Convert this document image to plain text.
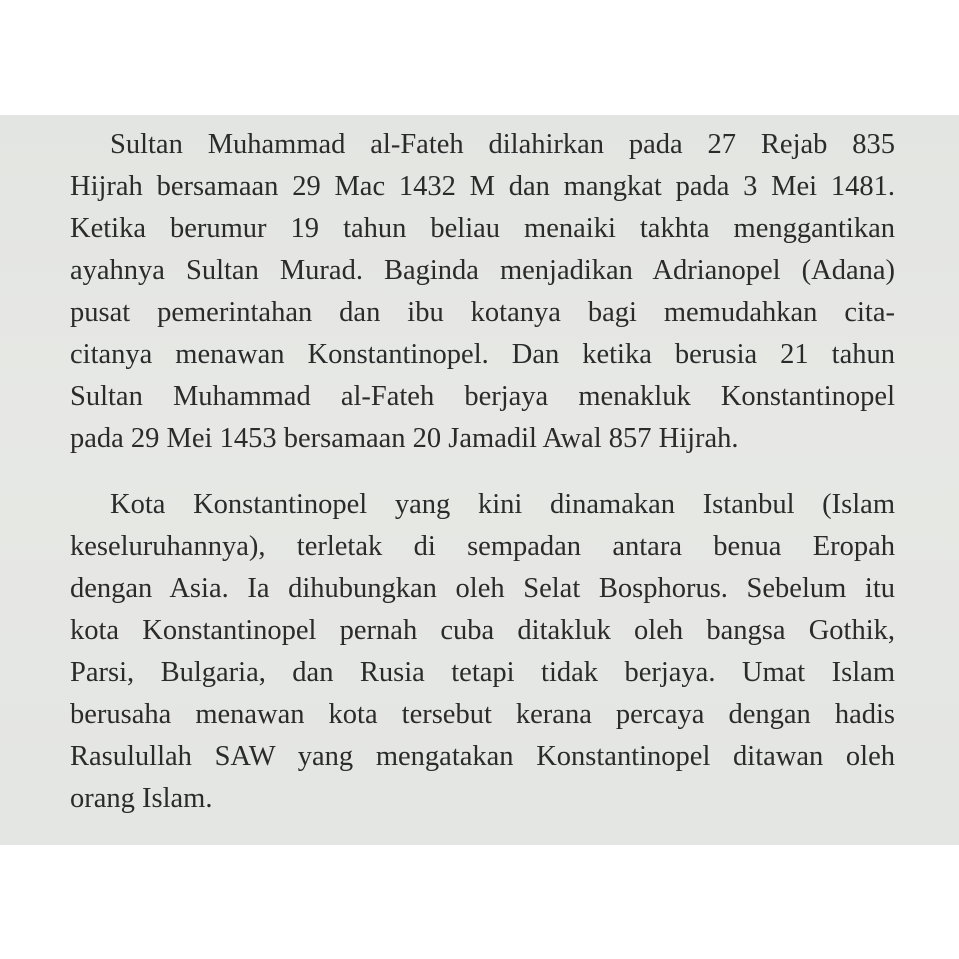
Sultan Muhammad al-Fateh dilahirkan pada 27 Rejab 835
Hijrah bersamaan 29 Mac 1432 M dan mangkat pada 3 Mei 1481.
Ketika berumur 19 tahun beliau menaiki takhta menggantikan
ayahnya Sultan Murad. Baginda menjadikan Adrianopel (Adana)
pusat pemerintahan dan ibu kotanya bagi memudahkan cita-
citanya menawan Konstantinopel. Dan ketika berusia 21 tahun
Sultan Muhammad al-Fateh berjaya menakluk Konstantinopel
pada 29 Mei 1453 bersamaan 20 Jamadil Awal 857 Hijrah.
Kota Konstantinopel yang kini dinamakan Istanbul (Islam
keseluruhannya), terletak di sempadan antara benua Eropah
dengan Asia. Ia dihubungkan oleh Selat Bosphorus. Sebelum itu
kota Konstantinopel pernah cuba ditakluk oleh bangsa Gothik,
Parsi, Bulgaria, dan Rusia tetapi tidak berjaya. Umat Islam
berusaha menawan kota tersebut kerana percaya dengan hadis
Rasulullah SAW yang mengatakan Konstantinopel ditawan oleh
orang Islam.
